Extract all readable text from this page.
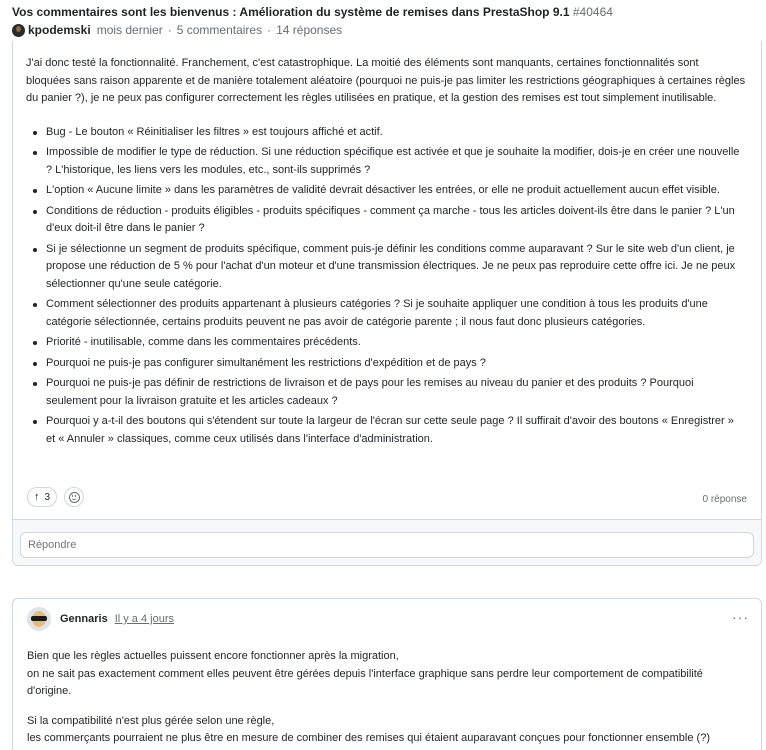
Vos commentaires sont les bienvenus : Amélioration du système de remises dans PrestaShop 9.1 #40464
kpodemski mois dernier · 5 commentaires · 14 réponses

J'ai donc testé la fonctionnalité. Franchement, c'est catastrophique. La moitié des éléments sont manquants, certaines fonctionnalités sont bloquées sans raison apparente et de manière totalement aléatoire (pourquoi ne puis-je pas limiter les restrictions géographiques à certaines règles du panier ?), je ne peux pas configurer correctement les règles utilisées en pratique, et la gestion des remises est tout simplement inutilisable.

Bug - Le bouton « Réinitialiser les filtres » est toujours affiché et actif.
Impossible de modifier le type de réduction. Si une réduction spécifique est activée et que je souhaite la modifier, dois-je en créer une nouvelle ? L'historique, les liens vers les modules, etc., sont-ils supprimés ?
L'option « Aucune limite » dans les paramètres de validité devrait désactiver les entrées, or elle ne produit actuellement aucun effet visible.
Conditions de réduction - produits éligibles - produits spécifiques - comment ça marche - tous les articles doivent-ils être dans le panier ? L'un d'eux doit-il être dans le panier ?
Si je sélectionne un segment de produits spécifique, comment puis-je définir les conditions comme auparavant ? Sur le site web d'un client, je propose une réduction de 5 % pour l'achat d'un moteur et d'une transmission électriques. Je ne peux pas reproduire cette offre ici. Je ne peux sélectionner qu'une seule catégorie.
Comment sélectionner des produits appartenant à plusieurs catégories ? Si je souhaite appliquer une condition à tous les produits d'une catégorie sélectionnée, certains produits peuvent ne pas avoir de catégorie parente ; il nous faut donc plusieurs catégories.
Priorité - inutilisable, comme dans les commentaires précédents.
Pourquoi ne puis-je pas configurer simultanément les restrictions d'expédition et de pays ?
Pourquoi ne puis-je pas définir de restrictions de livraison et de pays pour les remises au niveau du panier et des produits ? Pourquoi seulement pour la livraison gratuite et les articles cadeaux ?
Pourquoi y a-t-il des boutons qui s'étendent sur toute la largeur de l'écran sur cette seule page ? Il suffirait d'avoir des boutons « Enregistrer » et « Annuler » classiques, comme ceux utilisés dans l'interface d'administration.
↑ 3	0 réponse
Répondre
Gennaris Il y a 4 jours	···
Bien que les règles actuelles puissent encore fonctionner après la migration,
on ne sait pas exactement comment elles peuvent être gérées depuis l'interface graphique sans perdre leur comportement de compatibilité d'origine.
Si la compatibilité n'est plus gérée selon une règle,
les commerçants pourraient ne plus être en mesure de combiner des remises qui étaient auparavant conçues pour fonctionner ensemble (?)
